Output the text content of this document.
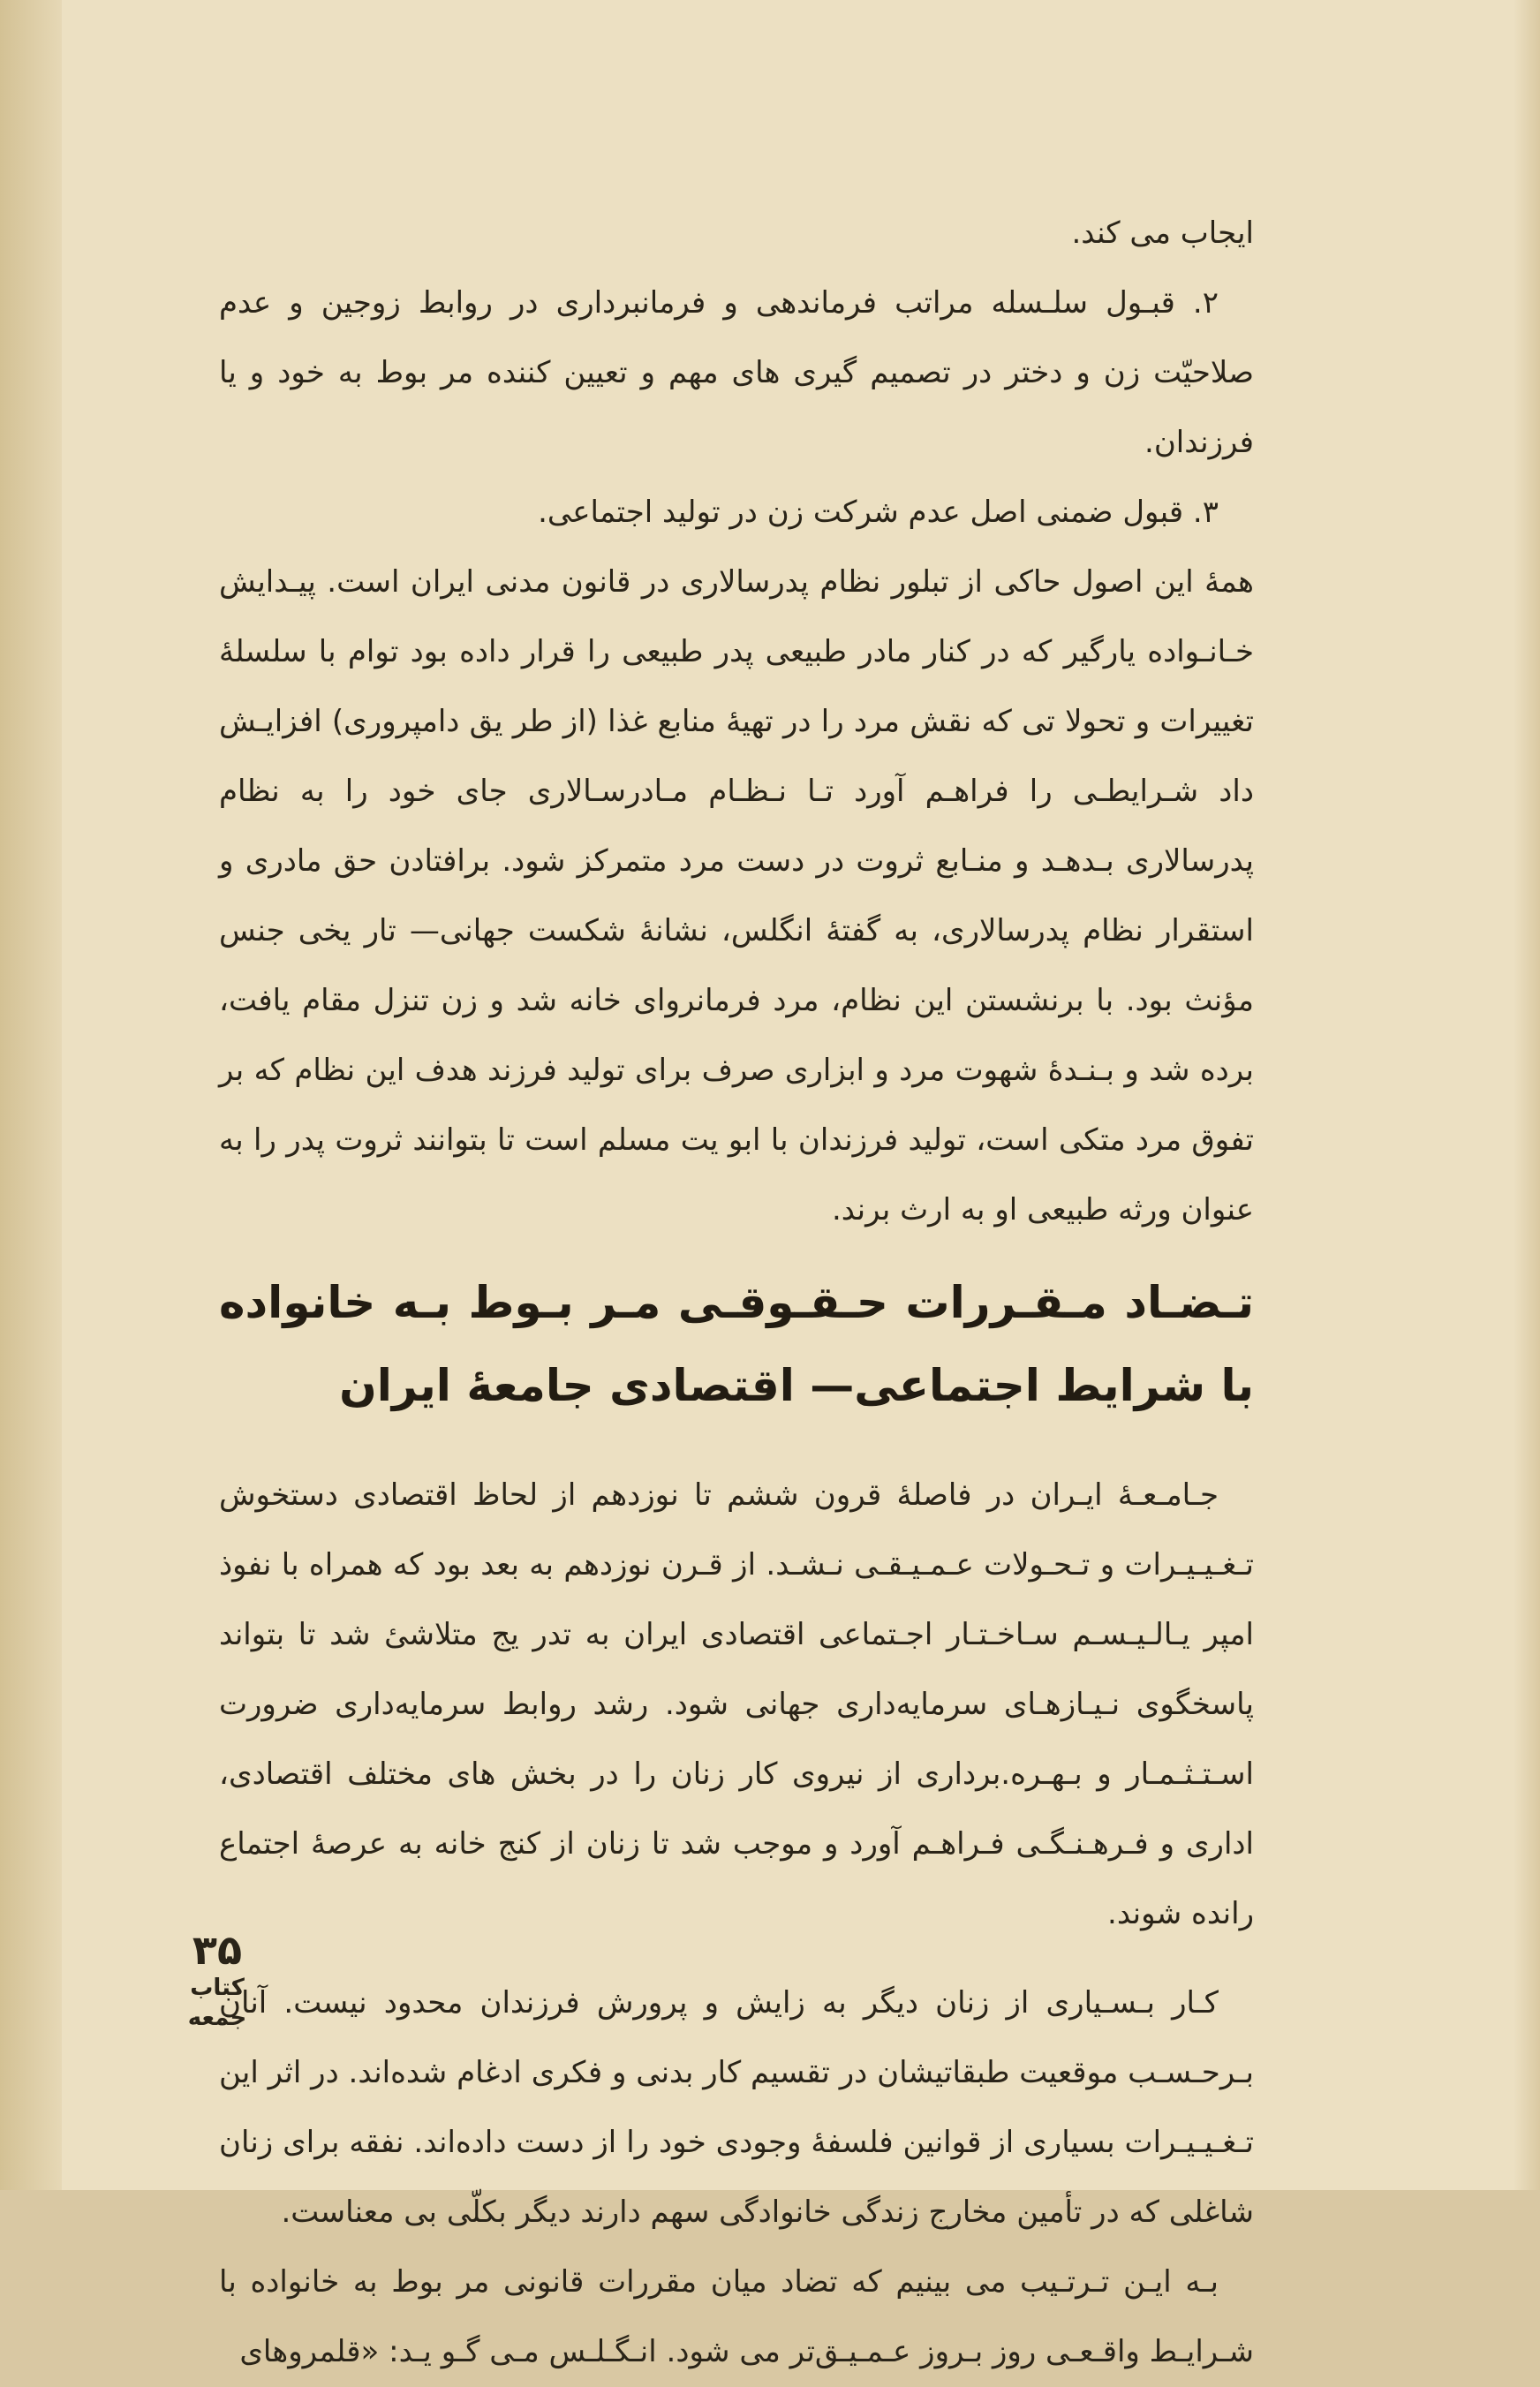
ایجاب می کند.

۲. قبـول سلـسله مراتب فرماندهی و فرمانبرداری در روابط زوجین و عدم صلاحیّت زن و دختر در تصمیم گیری های مهم و تعیین کننده مر بوط به خود و یا فرزندان.

۳. قبول ضمنی اصل عدم شرکت زن در تولید اجتماعی.

همهٔ این اصول حاکی از تبلور نظام پدرسالاری در قانون مدنی ایران است. پیـدایش خـانـواده یارگیر که در کنار مادر طبیعی پدر طبیعی را قرار داده بود توام با سلسلهٔ تغییرات و تحولا تی که نقش مرد را در تهیهٔ منابع غذا (از طر یق دامپروری) افزایـش داد شـرایطـی را فراهـم آورد تـا نـظـام مـادرسـالاری جای خود را به نظام پدرسالاری بـدهـد و منـابع ثروت در دست مرد متمرکز شود. برافتادن حق مادری و استقرار نظام پدرسالاری، به گفتهٔ انگلس، نشانهٔ شکست جهانی— تار یخی جنس مؤنث بود. با برنشستن این نظام، مرد فرمانروای خانه شد و زن تنزل مقام یافت، برده شد و بـنـدهٔ شهوت مرد و ابزاری صرف برای تولید فرزند هدف این نظام که بر تفوق مرد متکی است، تولید فرزندان با ابو یت مسلم است تا بتوانند ثروت پدر را به عنوان ورثه طبیعی او به ارث برند.

تـضـاد مـقـررات حـقـوقـی مـر بـوط بـه خانواده با شرایط اجتماعی— اقتصادی جامعهٔ ایران

جـامـعـهٔ ایـران در فاصلهٔ قرون ششم تا نوزدهم از لحاظ اقتصادی دستخوش تـغـیـیـرات و تـحـولات عـمـیـقـی نـشـد. از قـرن نوزدهم به بعد بود که همراه با نفوذ امپر یـالـیـسـم سـاخـتـار اجـتماعی اقتصادی ایران به تدر یج متلاشیٔ شد تا بتواند پاسخگوی نـیـازهـای سرمایه‌داری جهانی شود. رشد روابط سرمایه‌داری ضرورت اسـتـثـمـار و بـهـره.برداری از نیروی کار زنان را در بخش های مختلف اقتصادی، اداری و فـرهـنـگـی فـراهـم آورد و موجب شد تا زنان از کنج خانه به عرصهٔ اجتماع رانده شوند.

کـار بـسـیاری از زنان دیگر به زایش و پرورش فرزندان محدود نیست. آنان بـرحـسـب موقعیت طبقاتیشان در تقسیم کار بدنی و فکری ادغام شده‌اند. در اثر این تـغـیـیـرات بسیاری از قوانین فلسفهٔ وجودی خود را از دست داده‌اند. نفقه برای زنان شاغلی که در تأمین مخارج زندگی خانوادگی سهم دارند دیگر بکلّی بی معناست.

بـه ایـن تـرتـیب می بینیم که تضاد میان مقررات قانونی مر بوط به خانواده با شـرایـط واقـعـی روز بـروز عـمـیـق‌تر می شود. انـگـلـس مـی گـو یـد: «قلمروهای

۳۵
کتاب جمعه
